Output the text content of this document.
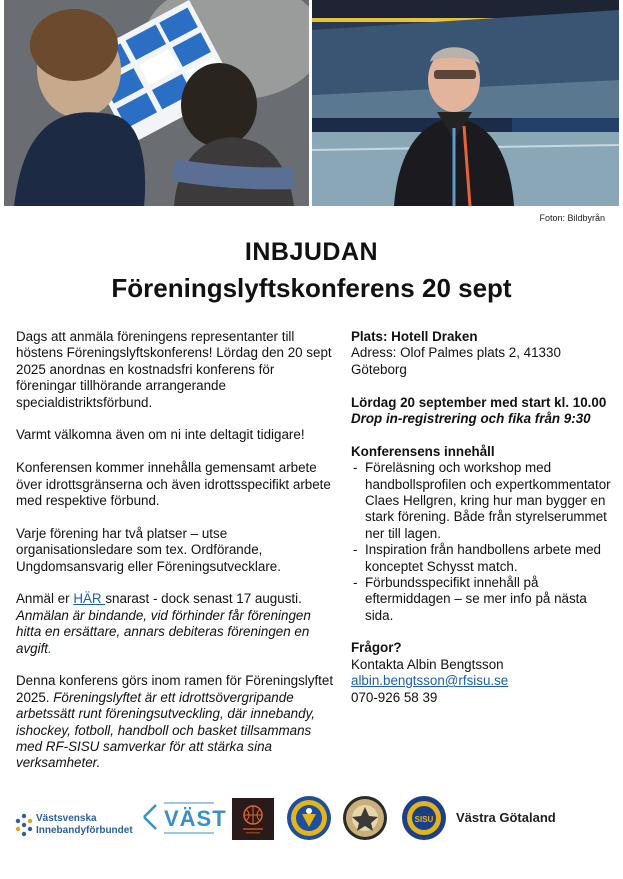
Foton: Bildbyrån
INBJUDAN
Föreningslyftskonferens 20 sept

Dags att anmäla föreningens representanter till höstens Föreningslyftskonferens! Lördag den 20 sept 2025 anordnas en kostnadsfri konferens för föreningar tillhörande arrangerande specialdistriktsförbund.

Varmt välkomna även om ni inte deltagit tidigare!

Konferensen kommer innehålla gemensamt arbete över idrottsgränserna och även idrottsspecifikt arbete med respektive förbund.

Varje förening har två platser – utse organisationsledare som tex. Ordförande, Ungdomsansvarig eller Föreningsutvecklare.

Anmäl er HÄR snarast - dock senast 17 augusti. Anmälan är bindande, vid förhinder får föreningen hitta en ersättare, annars debiteras föreningen en avgift.

Denna konferens görs inom ramen för Föreningslyftet 2025. Föreningslyftet är ett idrottsövergripande arbetssätt runt föreningsutveckling, där innebandy, ishockey, fotboll, handboll och basket tillsammans med RF-SISU samverkar för att stärka sina verksamheter.

Plats: Hotell Draken

Adress: Olof Palmes plats 2, 41330 Göteborg

Lördag 20 september med start kl. 10.00

Drop in-registrering och fika från 9:30

Konferensens innehåll
- Föreläsning och workshop med handbollsprofilen och expertkommentator Claes Hellgren, kring hur man bygger en stark förening. Både från styrelserummet ner till lagen.
- Inspiration från handbollens arbete med konceptet Schysst match.
- Förbundsspecifikt innehåll på eftermiddagen – se mer info på nästa sida.
Frågor?
Kontakta Albin Bengtsson
albin.bengtsson@rfsisu.se
070-926 58 39
Västsvenska
Innebandyförbundet VÄST	SISU Västra Götaland
